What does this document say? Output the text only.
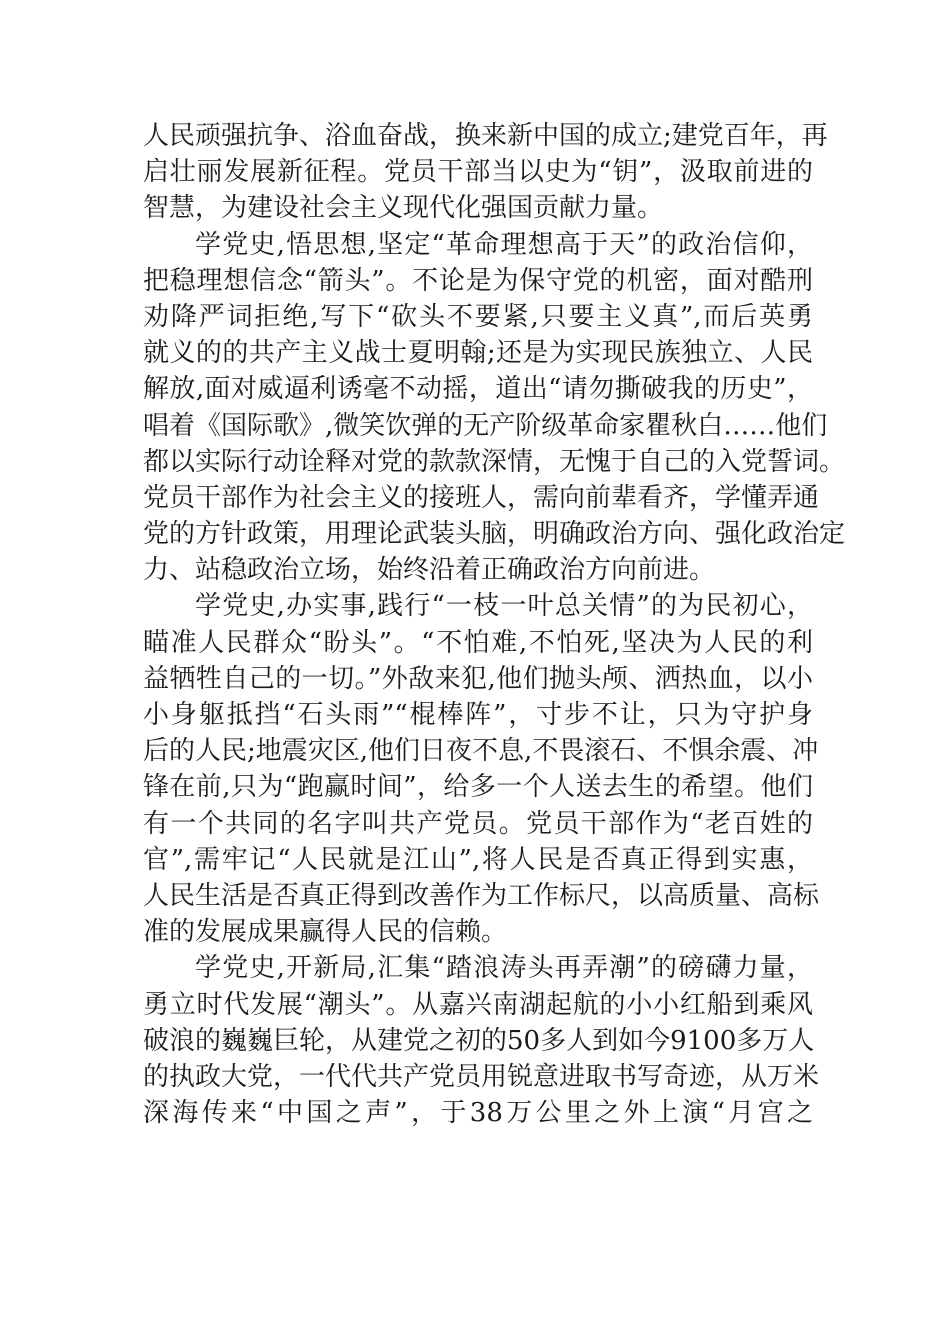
人民顽强抗争、浴血奋战，换来新中国的成立;建党百年，再
启壮丽发展新征程。党员干部当以史为“钥”，汲取前进的
智慧，为建设社会主义现代化强国贡献力量。
学党史,悟思想,坚定“革命理想高于天”的政治信仰，
把稳理想信念“箭头”。不论是为保守党的机密，面对酷刑
劝降严词拒绝,写下“砍头不要紧,只要主义真”,而后英勇
就义的的共产主义战士夏明翰;还是为实现民族独立、人民
解放,面对威逼利诱毫不动摇，道出“请勿撕破我的历史”，
唱着《国际歌》,微笑饮弹的无产阶级革命家瞿秋白……他们
都以实际行动诠释对党的款款深情，无愧于自己的入党誓词。
党员干部作为社会主义的接班人，需向前辈看齐，学懂弄通
党的方针政策，用理论武装头脑，明确政治方向、强化政治定
力、站稳政治立场，始终沿着正确政治方向前进。
学党史,办实事,践行“一枝一叶总关情”的为民初心，
瞄准人民群众“盼头”。“不怕难,不怕死,坚决为人民的利
益牺牲自己的一切。”外敌来犯,他们抛头颅、洒热血，以小
小身躯抵挡“石头雨”“棍棒阵”，寸步不让，只为守护身
后的人民;地震灾区,他们日夜不息,不畏滚石、不惧余震、冲
锋在前,只为“跑赢时间”，给多一个人送去生的希望。他们
有一个共同的名字叫共产党员。党员干部作为“老百姓的
官”,需牢记“人民就是江山”,将人民是否真正得到实惠，
人民生活是否真正得到改善作为工作标尺，以高质量、高标
准的发展成果赢得人民的信赖。
学党史,开新局,汇集“踏浪涛头再弄潮”的磅礴力量，
勇立时代发展“潮头”。从嘉兴南湖起航的小小红船到乘风
破浪的巍巍巨轮，从建党之初的50多人到如今9100多万人
的执政大党，一代代共产党员用锐意进取书写奇迹，从万米
深海传来“中国之声”，于38万公里之外上演“月宫之
